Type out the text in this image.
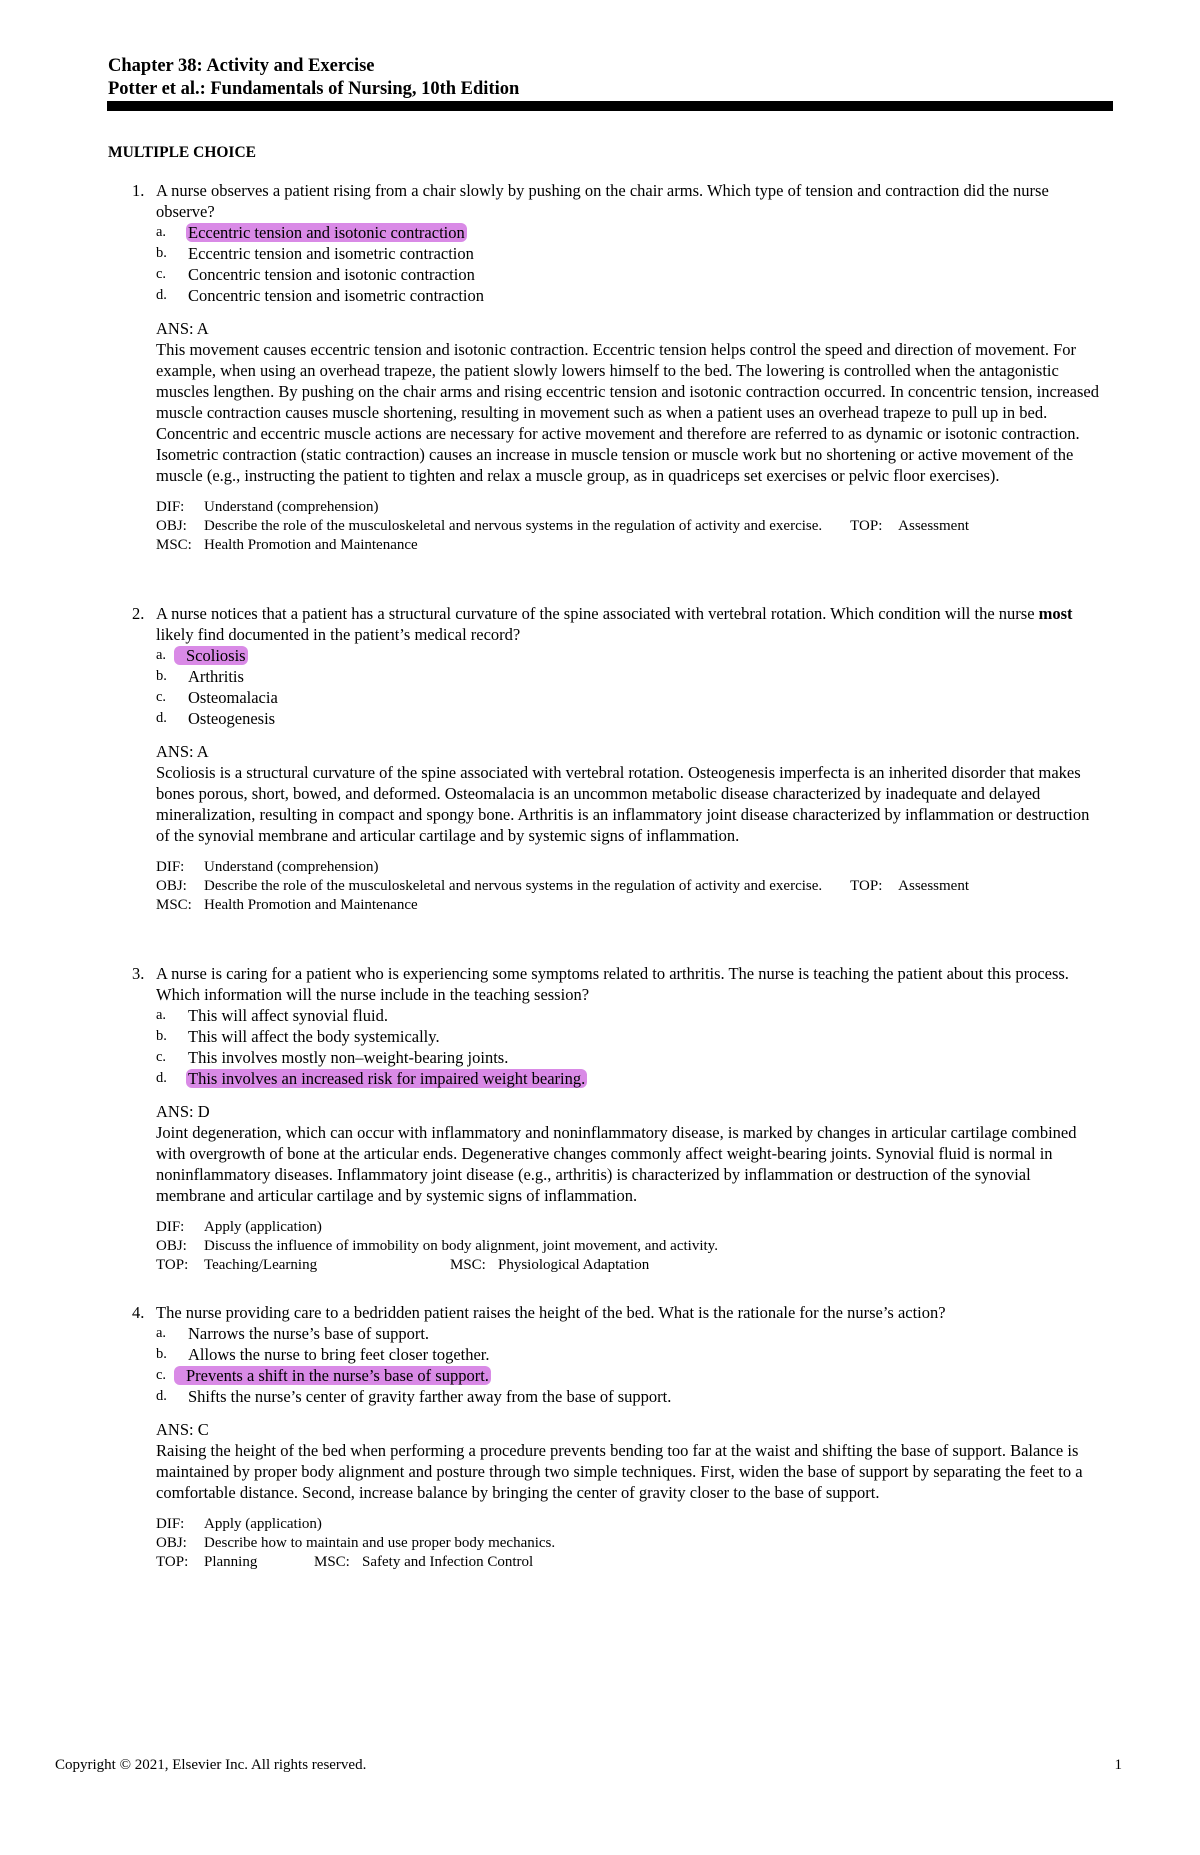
Chapter 38: Activity and Exercise
Potter et al.: Fundamentals of Nursing, 10th Edition
MULTIPLE CHOICE
1. A nurse observes a patient rising from a chair slowly by pushing on the chair arms. Which type of tension and contraction did the nurse observe?

a. Eccentric tension and isotonic contraction
b. Eccentric tension and isometric contraction
c. Concentric tension and isotonic contraction
d. Concentric tension and isometric contraction
ANS: A

This movement causes eccentric tension and isotonic contraction. Eccentric tension helps control the speed and direction of movement. For example, when using an overhead trapeze, the patient slowly lowers himself to the bed. The lowering is controlled when the antagonistic muscles lengthen. By pushing on the chair arms and rising eccentric tension and isotonic contraction occurred. In concentric tension, increased muscle contraction causes muscle shortening, resulting in movement such as when a patient uses an overhead trapeze to pull up in bed. Concentric and eccentric muscle actions are necessary for active movement and therefore are referred to as dynamic or isotonic contraction. Isometric contraction (static contraction) causes an increase in muscle tension or muscle work but no shortening or active movement of the muscle (e.g., instructing the patient to tighten and relax a muscle group, as in quadriceps set exercises or pelvic floor exercises).

DIF: Understand (comprehension)
OBJ: Describe the role of the musculoskeletal and nervous systems in the regulation of activity and exercise. TOP: Assessment
MSC: Health Promotion and Maintenance
2. A nurse notices that a patient has a structural curvature of the spine associated with vertebral rotation. Which condition will the nurse most likely find documented in the patient’s medical record?

a. Scoliosis
b. Arthritis
c. Osteomalacia
d. Osteogenesis
ANS: A

Scoliosis is a structural curvature of the spine associated with vertebral rotation. Osteogenesis imperfecta is an inherited disorder that makes bones porous, short, bowed, and deformed. Osteomalacia is an uncommon metabolic disease characterized by inadequate and delayed mineralization, resulting in compact and spongy bone. Arthritis is an inflammatory joint disease characterized by inflammation or destruction of the synovial membrane and articular cartilage and by systemic signs of inflammation.

DIF: Understand (comprehension)
OBJ: Describe the role of the musculoskeletal and nervous systems in the regulation of activity and exercise. TOP: Assessment
MSC: Health Promotion and Maintenance
3. A nurse is caring for a patient who is experiencing some symptoms related to arthritis. The nurse is teaching the patient about this process. Which information will the nurse include in the teaching session?

a. This will affect synovial fluid.
b. This will affect the body systemically.
c. This involves mostly non–weight-bearing joints.
d. This involves an increased risk for impaired weight bearing.
ANS: D

Joint degeneration, which can occur with inflammatory and noninflammatory disease, is marked by changes in articular cartilage combined with overgrowth of bone at the articular ends. Degenerative changes commonly affect weight-bearing joints. Synovial fluid is normal in noninflammatory diseases. Inflammatory joint disease (e.g., arthritis) is characterized by inflammation or destruction of the synovial membrane and articular cartilage and by systemic signs of inflammation.

DIF: Apply (application)
OBJ: Discuss the influence of immobility on body alignment, joint movement, and activity.
TOP: Teaching/Learning	MSC: Physiological Adaptation
4. The nurse providing care to a bedridden patient raises the height of the bed. What is the rationale for the nurse’s action?

a. Narrows the nurse’s base of support.
b. Allows the nurse to bring feet closer together.
c. Prevents a shift in the nurse’s base of support.
d. Shifts the nurse’s center of gravity farther away from the base of support.
ANS: C

Raising the height of the bed when performing a procedure prevents bending too far at the waist and shifting the base of support. Balance is maintained by proper body alignment and posture through two simple techniques. First, widen the base of support by separating the feet to a comfortable distance. Second, increase balance by bringing the center of gravity closer to the base of support.

DIF: Apply (application)
OBJ: Describe how to maintain and use proper body mechanics.
TOP: Planning	MSC: Safety and Infection Control
Copyright © 2021, Elsevier Inc. All rights reserved.	1
